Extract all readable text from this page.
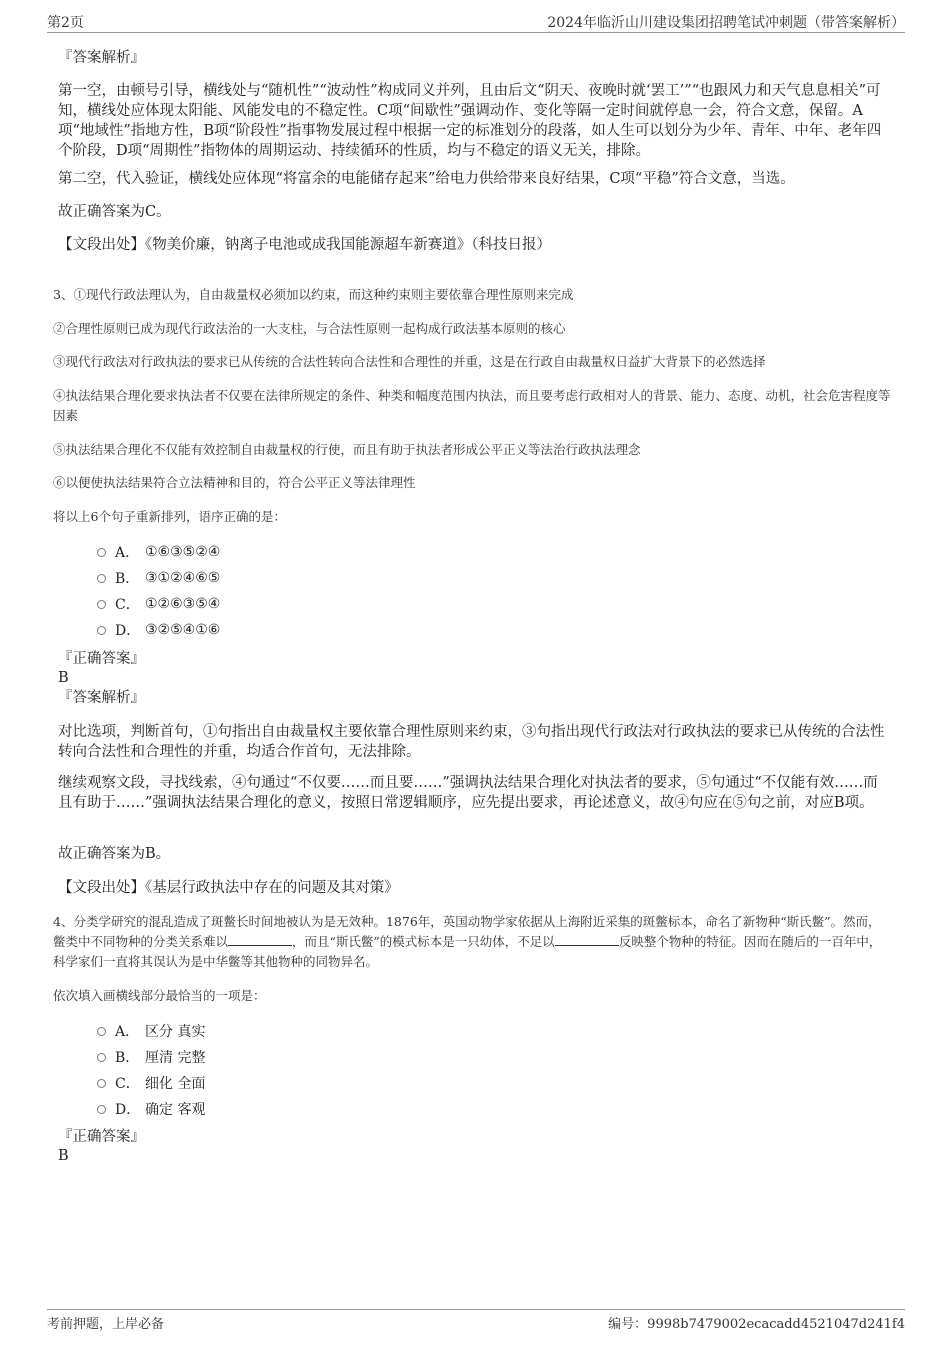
第2页	2024年临沂山川建设集团招聘笔试冲刺题（带答案解析）
『答案解析』
第一空，由顿号引导，横线处与“随机性”“波动性”构成同义并列，且由后文“阴天、夜晚时就‘罢工’”“也跟风力和天气息息相关”可知，横线处应体现太阳能、风能发电的不稳定性。C项“间歇性”强调动作、变化等隔一定时间就停息一会，符合文意，保留。A项“地域性”指地方性，B项“阶段性”指事物发展过程中根据一定的标准划分的段落，如人生可以划分为少年、青年、中年、老年四个阶段，D项“周期性”指物体的周期运动、持续循环的性质，均与不稳定的语义无关，排除。
第二空，代入验证，横线处应体现“将富余的电能储存起来”给电力供给带来良好结果，C项“平稳”符合文意，当选。
故正确答案为C。
【文段出处】《物美价廉，钠离子电池或成我国能源超车新赛道》（科技日报）
3、①现代行政法理认为，自由裁量权必须加以约束，而这种约束则主要依靠合理性原则来完成
②合理性原则已成为现代行政法治的一大支柱，与合法性原则一起构成行政法基本原则的核心
③现代行政法对行政执法的要求已从传统的合法性转向合法性和合理性的并重，这是在行政自由裁量权日益扩大背景下的必然选择
④执法结果合理化要求执法者不仅要在法律所规定的条件、种类和幅度范围内执法，而且要考虑行政相对人的背景、能力、态度、动机，社会危害程度等因素
⑤执法结果合理化不仅能有效控制自由裁量权的行使，而且有助于执法者形成公平正义等法治行政执法理念
⑥以便使执法结果符合立法精神和目的，符合公平正义等法律理性
将以上6个句子重新排列，语序正确的是：
A． ①⑥③⑤②④
B． ③①②④⑥⑤
C． ①②⑥③⑤④
D． ③②⑤④①⑥
『正确答案』
B
『答案解析』
对比选项，判断首句，①句指出自由裁量权主要依靠合理性原则来约束，③句指出现代行政法对行政执法的要求已从传统的合法性转向合法性和合理性的并重，均适合作首句，无法排除。
继续观察文段，寻找线索，④句通过“不仅要……而且要……”强调执法结果合理化对执法者的要求，⑤句通过“不仅能有效……而且有助于……”强调执法结果合理化的意义，按照日常逻辑顺序，应先提出要求，再论述意义，故④句应在⑤句之前，对应B项。
故正确答案为B。
【文段出处】《基层行政执法中存在的问题及其对策》
4、分类学研究的混乱造成了斑鳖长时间地被认为是无效种。1876年，英国动物学家依据从上海附近采集的斑鳖标本，命名了新物种“斯氏鳖”。然而，鳖类中不同物种的分类关系难以	，而且“斯氏鳖”的模式标本是一只幼体，不足以	反映整个物种的特征。因而在随后的一百年中，科学家们一直将其误认为是中华鳖等其他物种的同物异名。
依次填入画横线部分最恰当的一项是：
A． 区分 真实
B． 厘清 完整
C． 细化 全面
D． 确定 客观
『正确答案』
B
考前押题，上岸必备	编号：9998b7479002ecacadd4521047d241f4
